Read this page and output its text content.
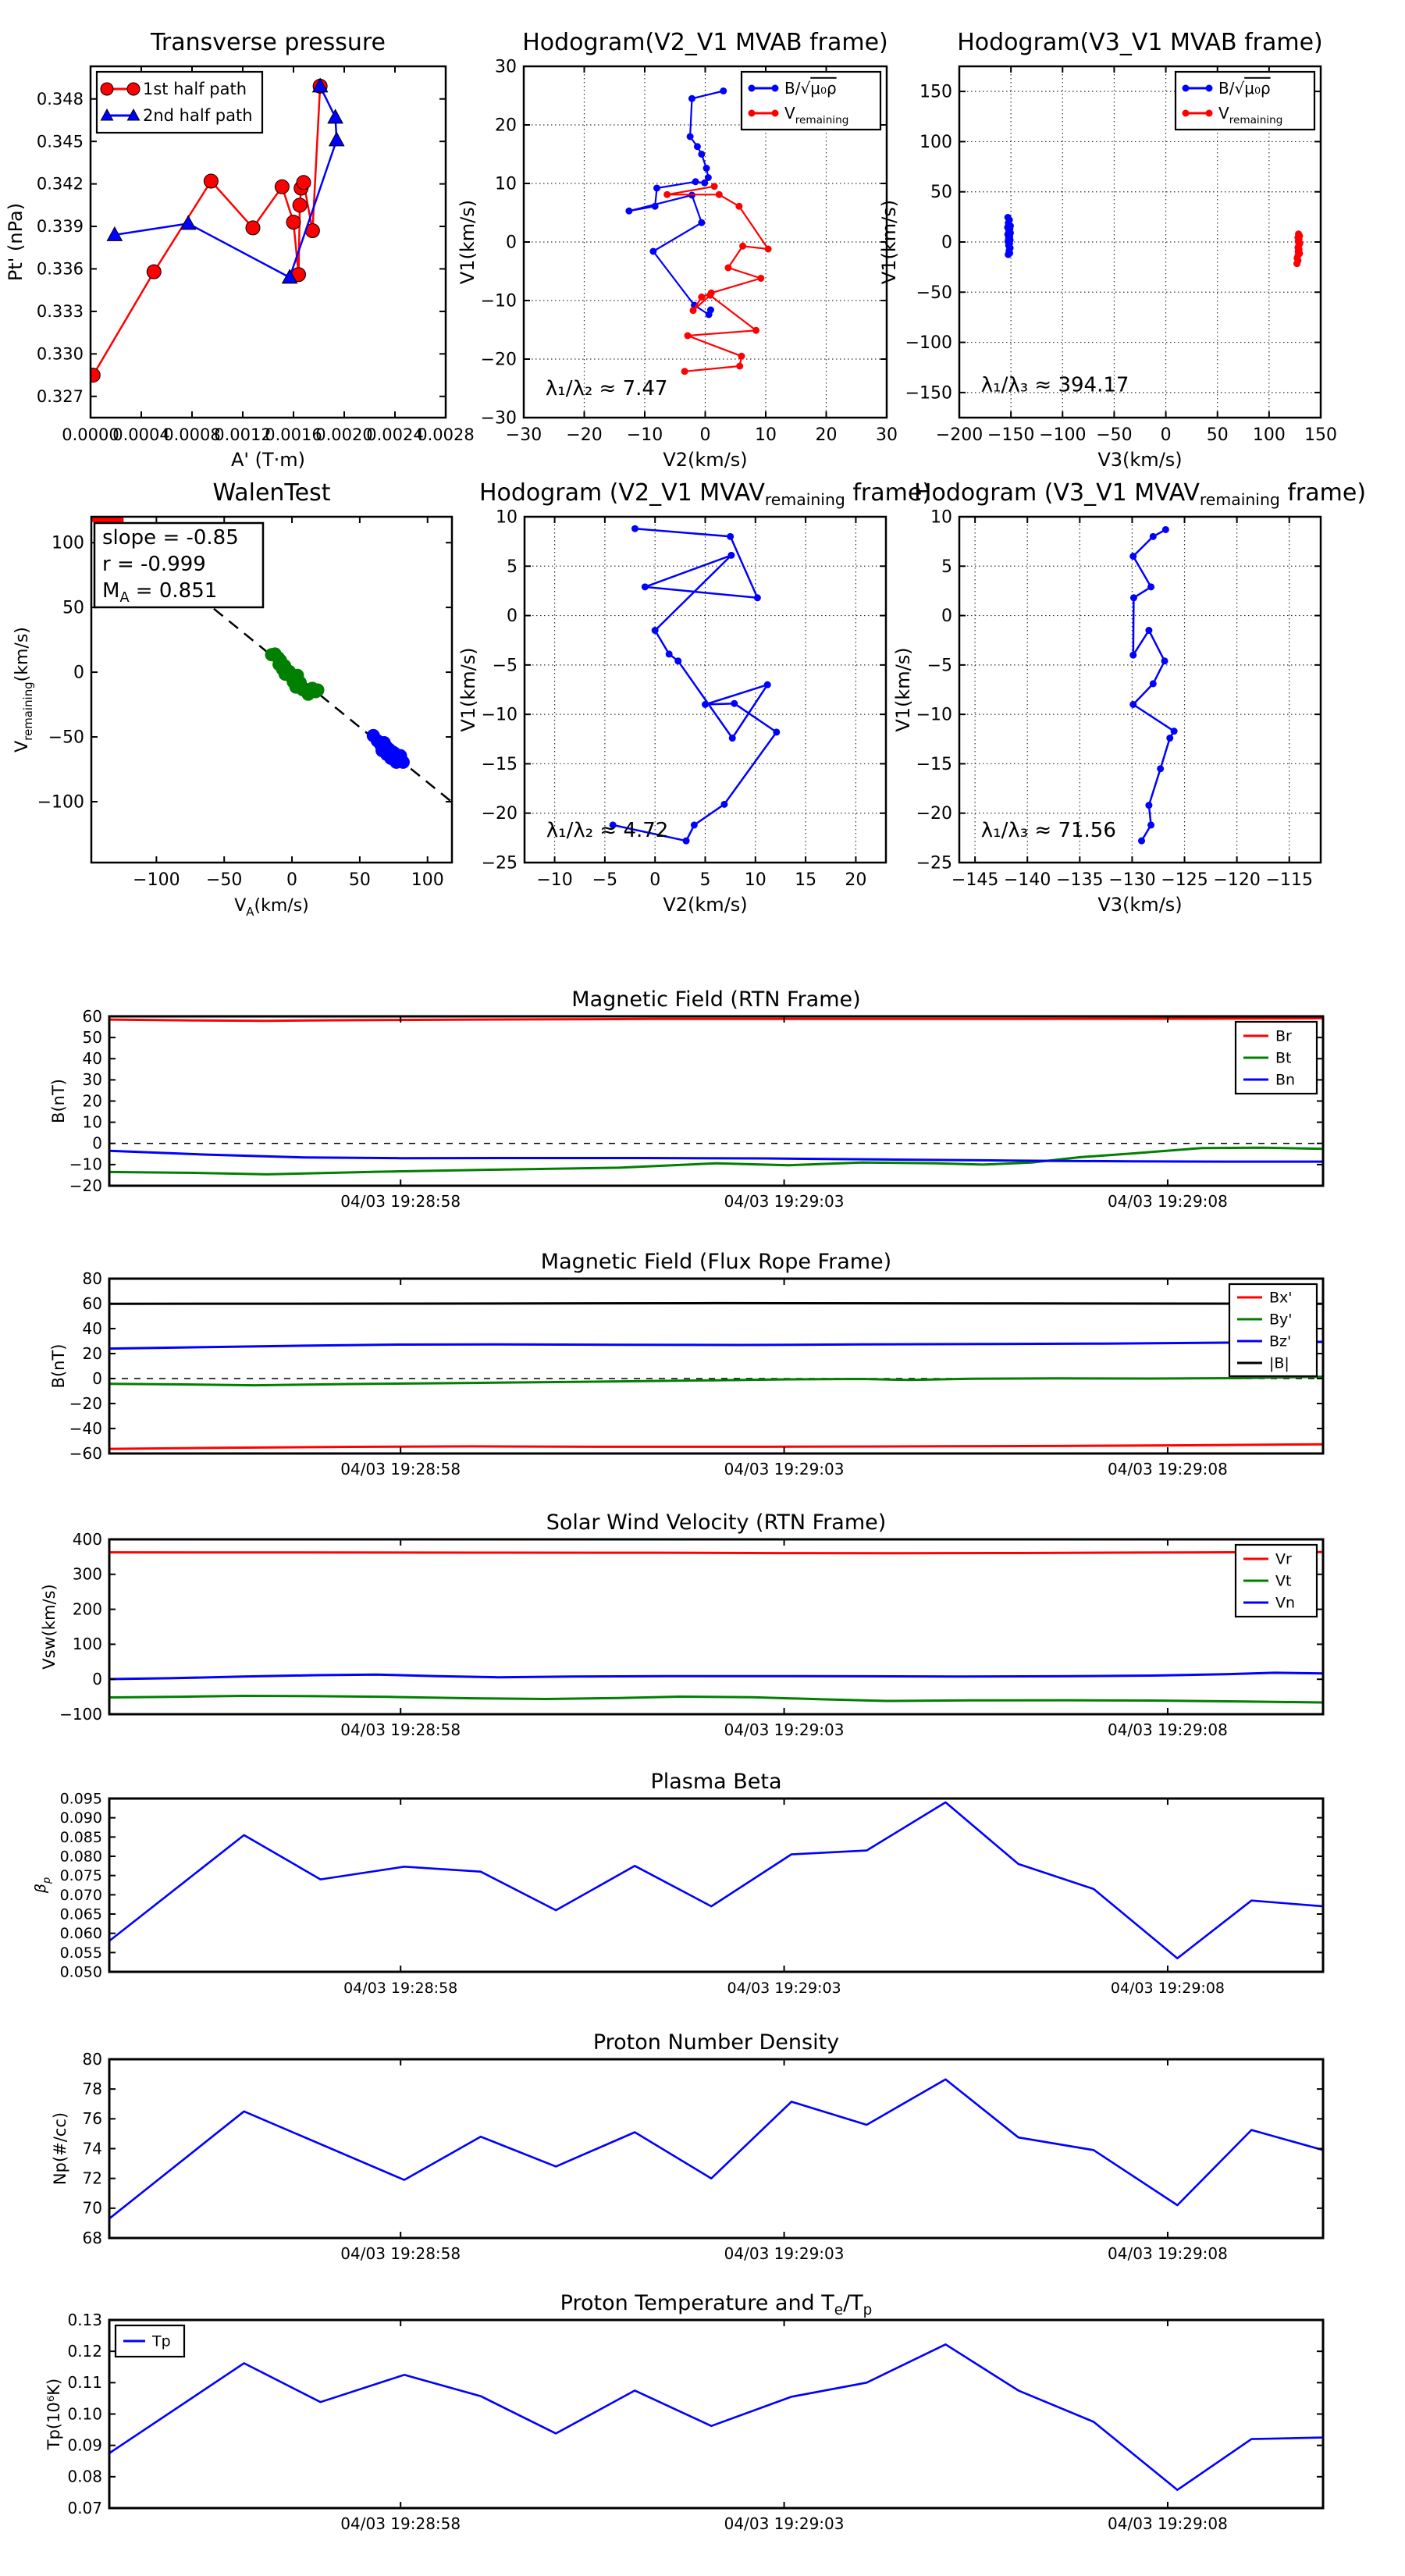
0.0000
0.0004
0.0008
0.0012
0.0016
0.0020
0.0024
0.0028
0.327
0.330
0.333
0.336
0.339
0.342
0.345
0.348
Transverse pressure
A' (T·m)
Pt' (nPa)
1st half path
2nd half path
−30 −20 −10 0	10 20 30
−30
−20
−10
0
10
20
30
Hodogram(V2_V1 MVAB frame)
V2(km/s)
V1(km/s)
B/√μ₀ρ
$V_{remaining}$
λ₁/λ₂ ≈ 7.47
−200 −150 −100 −50 0 50 100 150
−150
−100
−50
0
50
100
150
Hodogram(V3_V1 MVAB frame)
V3(km/s)
V1(km/s)
B/√μ₀ρ
$V_{remaining}$
λ₁/λ₃ ≈ 394.17
−100 −50	0	50 100
−100
−50
0
50
100
WalenTest
$V_A(km/s)$
$V_{remaining}(km/s)$
slope = -0.85
r = -0.999
$M_A = 0.851$
−10 −5 0 5 10 15 20
−25
−20
−15
−10
−5
0
5
10
Hodogram (V2_V1 $MVAV_{remaining}$ frame)
V2(km/s)
V1(km/s)
λ₁/λ₂ ≈ 4.72
−145 −140 −135 −130 −125 −120 −115
−25
−20
−15
−10
−5
0
5
10
Hodogram (V3_V1 $MVAV_{remaining}$ frame)
V3(km/s)
V1(km/s)
λ₁/λ₃ ≈ 71.56
04/03 19:28:58	04/03 19:29:03	04/03 19:29:08
−20
−10
0
10
20
30
40
50
60
Magnetic Field (RTN Frame)
B(nT)
Br
Bt
Bn
04/03 19:28:58	04/03 19:29:03	04/03 19:29:08
−60
−40
−20
0
20
40
60
80
Magnetic Field (Flux Rope Frame)
B(nT)
Bx'
By'
Bz'
|B|
04/03 19:28:58	04/03 19:29:03	04/03 19:29:08
−100
0
100
200
300
400
Solar Wind Velocity (RTN Frame)
Vsw(km/s)
Vr
Vt
Vn
04/03 19:28:58	04/03 19:29:03	04/03 19:29:08
0.050
0.055
0.060
0.065
0.070
0.075
0.080
0.085
0.090
0.095
Plasma Beta
$\beta_p$
04/03 19:28:58	04/03 19:29:03	04/03 19:29:08
68
70
72
74
76
78
80
Proton Number Density
Np(#/cc)
04/03 19:28:58	04/03 19:29:03	04/03 19:29:08
0.07
0.08
0.09
0.10
0.11
0.12
0.13
Proton Temperature and $T_e/T_p$
Tp(10⁶K)
Tp
